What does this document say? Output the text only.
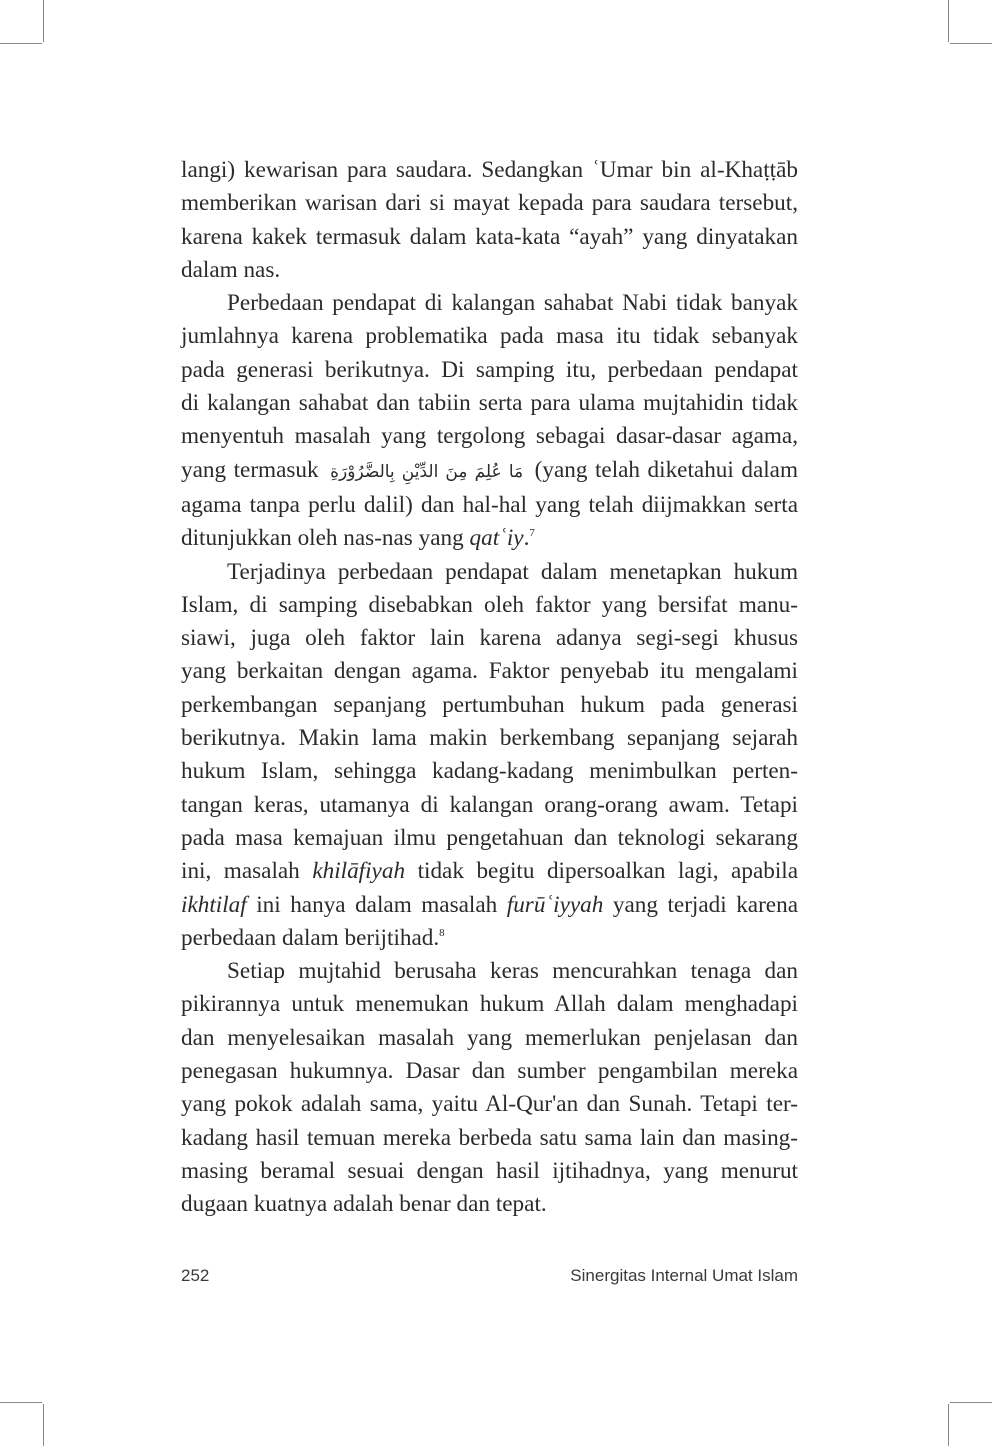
langi) kewarisan para saudara. Sedangkan ʿUmar bin al-Khaṭṭāb
memberikan warisan dari si mayat kepada para saudara tersebut,
karena kakek termasuk dalam kata-kata “ayah” yang dinyatakan
dalam nas.

Perbedaan pendapat di kalangan sahabat Nabi tidak banyak
jumlahnya karena problematika pada masa itu tidak sebanyak
pada generasi berikutnya. Di samping itu, perbedaan pendapat
di kalangan sahabat dan tabiin serta para ulama mujtahidin tidak
menyentuh masalah yang tergolong sebagai dasar-dasar agama,
yang termasuk مَا عُلِمَ مِنَ الدِّيْنِ بِالضَّرُوْرَةِ (yang telah diketahui dalam
agama tanpa perlu dalil) dan hal-hal yang telah diijmakkan serta
ditunjukkan oleh nas-nas yang qatʿiy.$^7$

Terjadinya perbedaan pendapat dalam menetapkan hukum
Islam, di samping disebabkan oleh faktor yang bersifat manu-
siawi, juga oleh faktor lain karena adanya segi-segi khusus
yang berkaitan dengan agama. Faktor penyebab itu mengalami
perkembangan sepanjang pertumbuhan hukum pada generasi
berikutnya. Makin lama makin berkembang sepanjang sejarah
hukum Islam, sehingga kadang-kadang menimbulkan perten-
tangan keras, utamanya di kalangan orang-orang awam. Tetapi
pada masa kemajuan ilmu pengetahuan dan teknologi sekarang
ini, masalah khilāfiyah tidak begitu dipersoalkan lagi, apabila
ikhtilaf ini hanya dalam masalah furūʿiyyah yang terjadi karena
perbedaan dalam berijtihad.$^8$

Setiap mujtahid berusaha keras mencurahkan tenaga dan
pikirannya untuk menemukan hukum Allah dalam menghadapi
dan menyelesaikan masalah yang memerlukan penjelasan dan
penegasan hukumnya. Dasar dan sumber pengambilan mereka
yang pokok adalah sama, yaitu Al-Qur'an dan Sunah. Tetapi ter-
kadang hasil temuan mereka berbeda satu sama lain dan masing-
masing beramal sesuai dengan hasil ijtihadnya, yang menurut
dugaan kuatnya adalah benar dan tepat.

252	Sinergitas Internal Umat Islam
